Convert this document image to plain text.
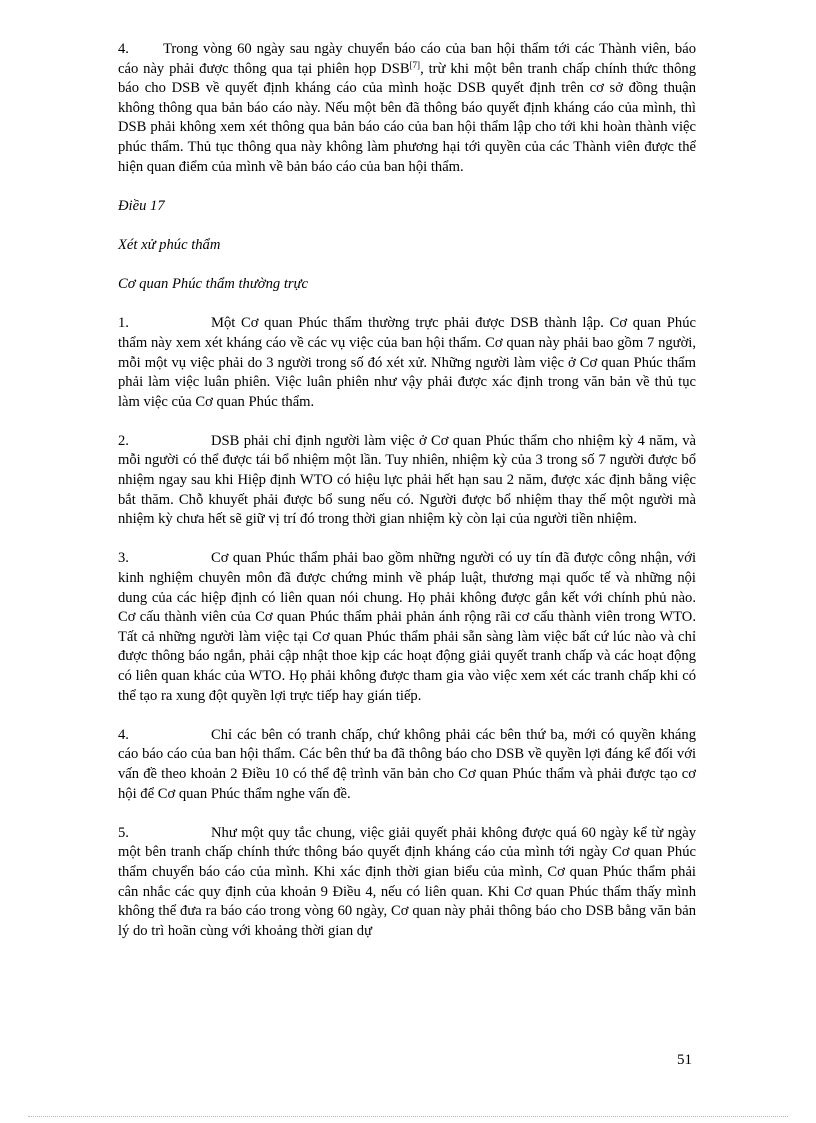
4. Trong vòng 60 ngày sau ngày chuyển báo cáo của ban hội thẩm tới các Thành viên, báo cáo này phải được thông qua tại phiên họp DSB[7], trừ khi một bên tranh chấp chính thức thông báo cho DSB về quyết định kháng cáo của mình hoặc DSB quyết định trên cơ sở đồng thuận không thông qua bản báo cáo này. Nếu một bên đã thông báo quyết định kháng cáo của mình, thì DSB phải không xem xét thông qua bản báo cáo của ban hội thẩm lập cho tới khi hoàn thành việc phúc thẩm. Thủ tục thông qua này không làm phương hại tới quyền của các Thành viên được thể hiện quan điểm của mình về bản báo cáo của ban hội thẩm.

Điều 17

Xét xử phúc thẩm

Cơ quan Phúc thẩm thường trực

1.	Một Cơ quan Phúc thẩm thường trực phải được DSB thành lập. Cơ quan Phúc thẩm này xem xét kháng cáo về các vụ việc của ban hội thẩm. Cơ quan này phải bao gồm 7 người, mỗi một vụ việc phải do 3 người trong số đó xét xử. Những người làm việc ở Cơ quan Phúc thẩm phải làm việc luân phiên. Việc luân phiên như vậy phải được xác định trong văn bản về thủ tục làm việc của Cơ quan Phúc thẩm.

2.	DSB phải chỉ định người làm việc ở Cơ quan Phúc thẩm cho nhiệm kỳ 4 năm, và mỗi người có thể được tái bổ nhiệm một lần. Tuy nhiên, nhiệm kỳ của 3 trong số 7 người được bổ nhiệm ngay sau khi Hiệp định WTO có hiệu lực phải hết hạn sau 2 năm, được xác định bằng việc bắt thăm. Chỗ khuyết phải được bổ sung nếu có. Người được bổ nhiệm thay thế một người mà nhiệm kỳ chưa hết sẽ giữ vị trí đó trong thời gian nhiệm kỳ còn lại của người tiền nhiệm.

3.	Cơ quan Phúc thẩm phải bao gồm những người có uy tín đã được công nhận, với kinh nghiệm chuyên môn đã được chứng minh về pháp luật, thương mại quốc tế và những nội dung của các hiệp định có liên quan nói chung. Họ phải không được gắn kết với chính phủ nào. Cơ cấu thành viên của Cơ quan Phúc thẩm phải phản ánh rộng rãi cơ cấu thành viên trong WTO. Tất cả những người làm việc tại Cơ quan Phúc thẩm phải sẵn sàng làm việc bất cứ lúc nào và chỉ được thông báo ngắn, phải cập nhật thoe kịp các hoạt động giải quyết tranh chấp và các hoạt động có liên quan khác của WTO. Họ phải không được tham gia vào việc xem xét các tranh chấp khi có thể tạo ra xung đột quyền lợi trực tiếp hay gián tiếp.

4.	Chỉ các bên có tranh chấp, chứ không phải các bên thứ ba, mới có quyền kháng cáo báo cáo của ban hội thẩm. Các bên thứ ba đã thông báo cho DSB về quyền lợi đáng kể đối với vấn đề theo khoản 2 Điều 10 có thể đệ trình văn bản cho Cơ quan Phúc thẩm và phải được tạo cơ hội để Cơ quan Phúc thẩm nghe vấn đề.

5.	Như một quy tắc chung, việc giải quyết phải không được quá 60 ngày kể từ ngày một bên tranh chấp chính thức thông báo quyết định kháng cáo của mình tới ngày Cơ quan Phúc thẩm chuyển báo cáo của mình. Khi xác định thời gian biểu của mình, Cơ quan Phúc thẩm phải cân nhắc các quy định của khoản 9 Điều 4, nếu có liên quan. Khi Cơ quan Phúc thẩm thấy mình không thể đưa ra báo cáo trong vòng 60 ngày, Cơ quan này phải thông báo cho DSB bằng văn bản lý do trì hoãn cùng với khoảng thời gian dự

51
